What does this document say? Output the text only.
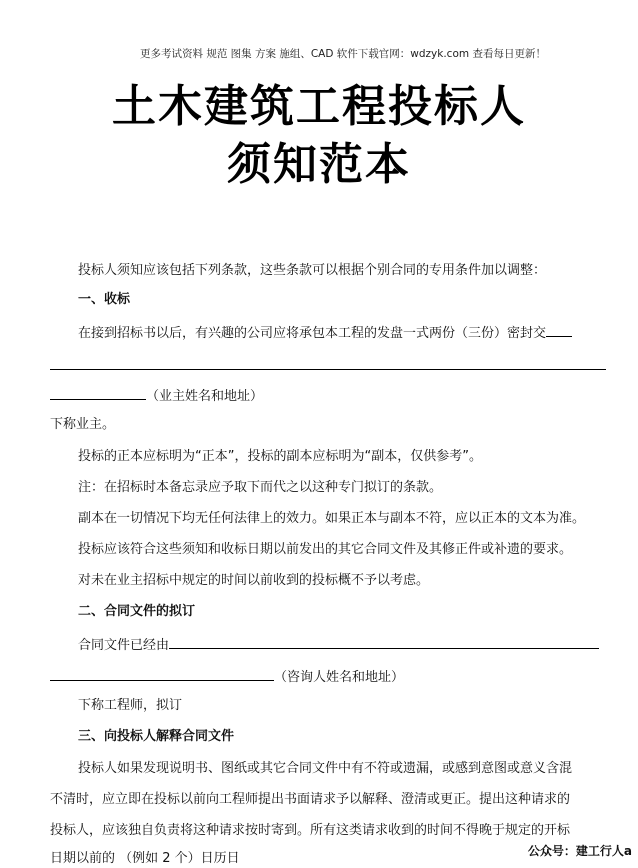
更多考试资料 规范 图集 方案 施组、CAD 软件下载官网：wdzyk.com 查看每日更新！
土木建筑工程投标人
须知范本
投标人须知应该包括下列条款，这些条款可以根据个别合同的专用条件加以调整：
一、收标
在接到招标书以后，有兴趣的公司应将承包本工程的发盘一式两份（三份）密封交
（业主姓名和地址）
下称业主。
投标的正本应标明为“正本”，投标的副本应标明为“副本，仅供参考”。
注：在招标时本备忘录应予取下而代之以这种专门拟订的条款。
副本在一切情况下均无任何法律上的效力。如果正本与副本不符，应以正本的文本为准。
投标应该符合这些须知和收标日期以前发出的其它合同文件及其修正件或补遗的要求。
对未在业主招标中规定的时间以前收到的投标概不予以考虑。
二、合同文件的拟订
合同文件已经由
（咨询人姓名和地址）
下称工程师，拟订
三、向投标人解释合同文件
投标人如果发现说明书、图纸或其它合同文件中有不符或遗漏，或感到意图或意义含混
不清时，应立即在投标以前向工程师提出书面请求予以解释、澄清或更正。提出这种请求的
投标人，应该独自负责将这种请求按时寄到。所有这类请求收到的时间不得晚于规定的开标
日期以前的 （例如 2 个）日历日	公众号：建工行人a
